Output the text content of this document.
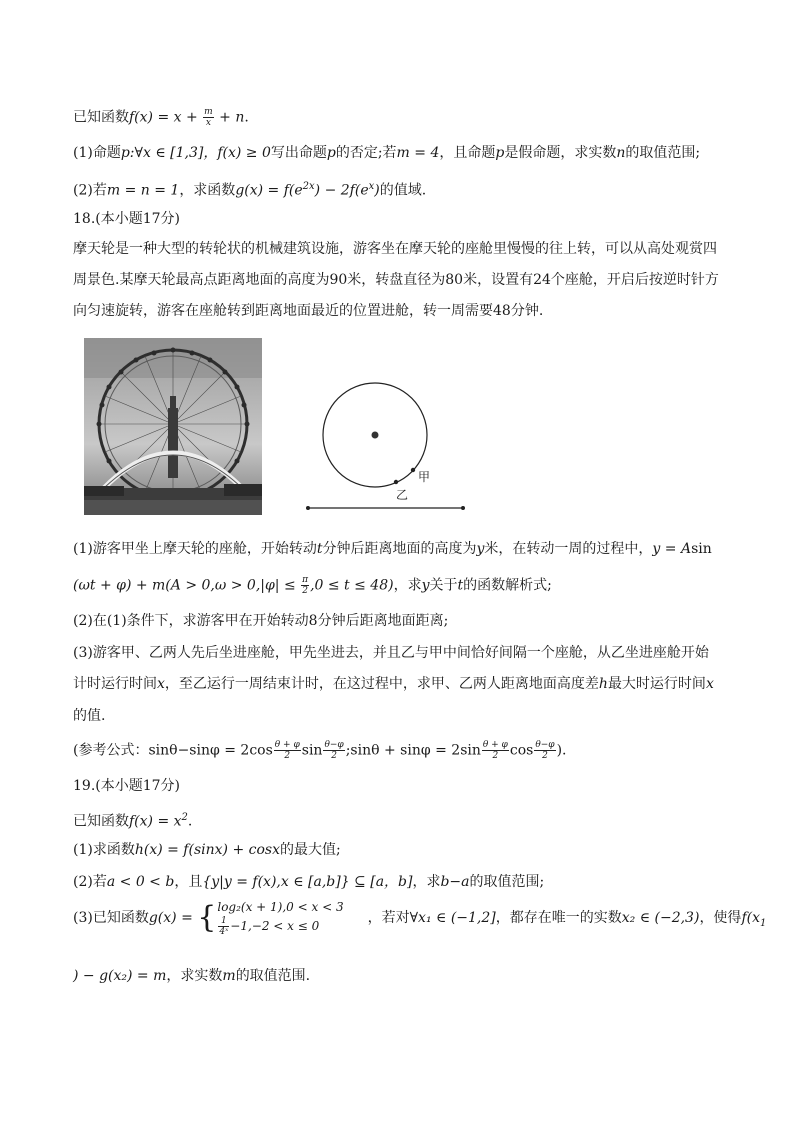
已知函数$f(x) = x + \frac{m}{x} + n$.
(1)命题p:∀x ∈ [1,3]，f(x) ≥ 0写出命题p的否定;若m = 4，且命题p是假命题，求实数n的取值范围;
(2)若m = n = 1，求函数$g(x) = f(e^{2x}) - 2f(e^x)$的值域.
18.(本小题17分)
摩天轮是一种大型的转轮状的机械建筑设施，游客坐在摩天轮的座舱里慢慢的往上转，可以从高处观赏四
周景色.某摩天轮最高点距离地面的高度为90米，转盘直径为80米，设置有24个座舱，开启后按逆时针方
向匀速旋转，游客在座舱转到距离地面最近的位置进舱，转一周需要48分钟.
甲
乙
(1)游客甲坐上摩天轮的座舱，开始转动t分钟后距离地面的高度为y米，在转动一周的过程中，y = Asin
$(\omega t + \varphi) + m(A > 0,\omega > 0,|\varphi| \le \frac{\pi}{2} ,0 \le t \le 48)$，求y关于t的函数解析式;
(2)在(1)条件下，求游客甲在开始转动8分钟后距离地面距离;
(3)游客甲、乙两人先后坐进座舱，甲先坐进去，并且乙与甲中间恰好间隔一个座舱，从乙坐进座舱开始
计时运行时间x，至乙运行一周结束计时，在这过程中，求甲、乙两人距离地面高度差h最大时运行时间x
的值.
(参考公式：$\sin\theta-\sin\varphi = 2\cos \frac{\theta + \varphi}{2}$ $\sin \frac{\theta-\varphi}{2}$ ;sinθ + $\sin\varphi = 2\sin \frac{\theta + \varphi}{2}$ $\cos \frac{\theta-\varphi}{2}$ ).
19.(本小题17分)
已知函数$f(x) = x^2$.
(1)求函数h(x) = f(sinx) + cosx的最大值;
(2)若a < 0 < b，且{y|y = f(x),x ∈ [a,b]} ⊆ [a，b]，求b−a的取值范围;
(3)已知函数g(x) = { log₂(x + 1),0 < x < 3
$\frac{1}{\text{4ˣ}} -1,-2 < x \le 0$	，若对∀x₁ ∈ (−1,2]，都存在唯一的实数x₂ ∈ (−2,3)，使得$f(x_1$
) − g(x₂) = m，求实数m的取值范围.
